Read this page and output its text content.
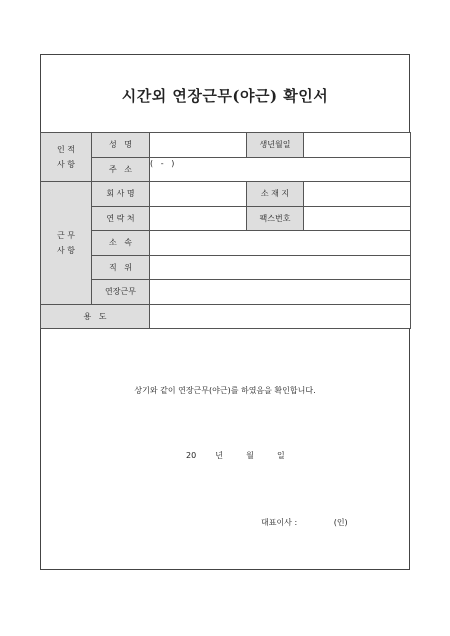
시간외 연장근무(야근) 확인서
인 적
사 항	성   명		생년월일	
	주   소	(   -   )		

근 무
사 항	회 사 명		소 재 지	
	연 락 처		팩스번호	
	소   속			
	직   위			
	연장근무			
용   도				
상기와 같이 연장근무(야근)를 하였음을 확인합니다.
20 년	월	일
대표이사 :	(인)
